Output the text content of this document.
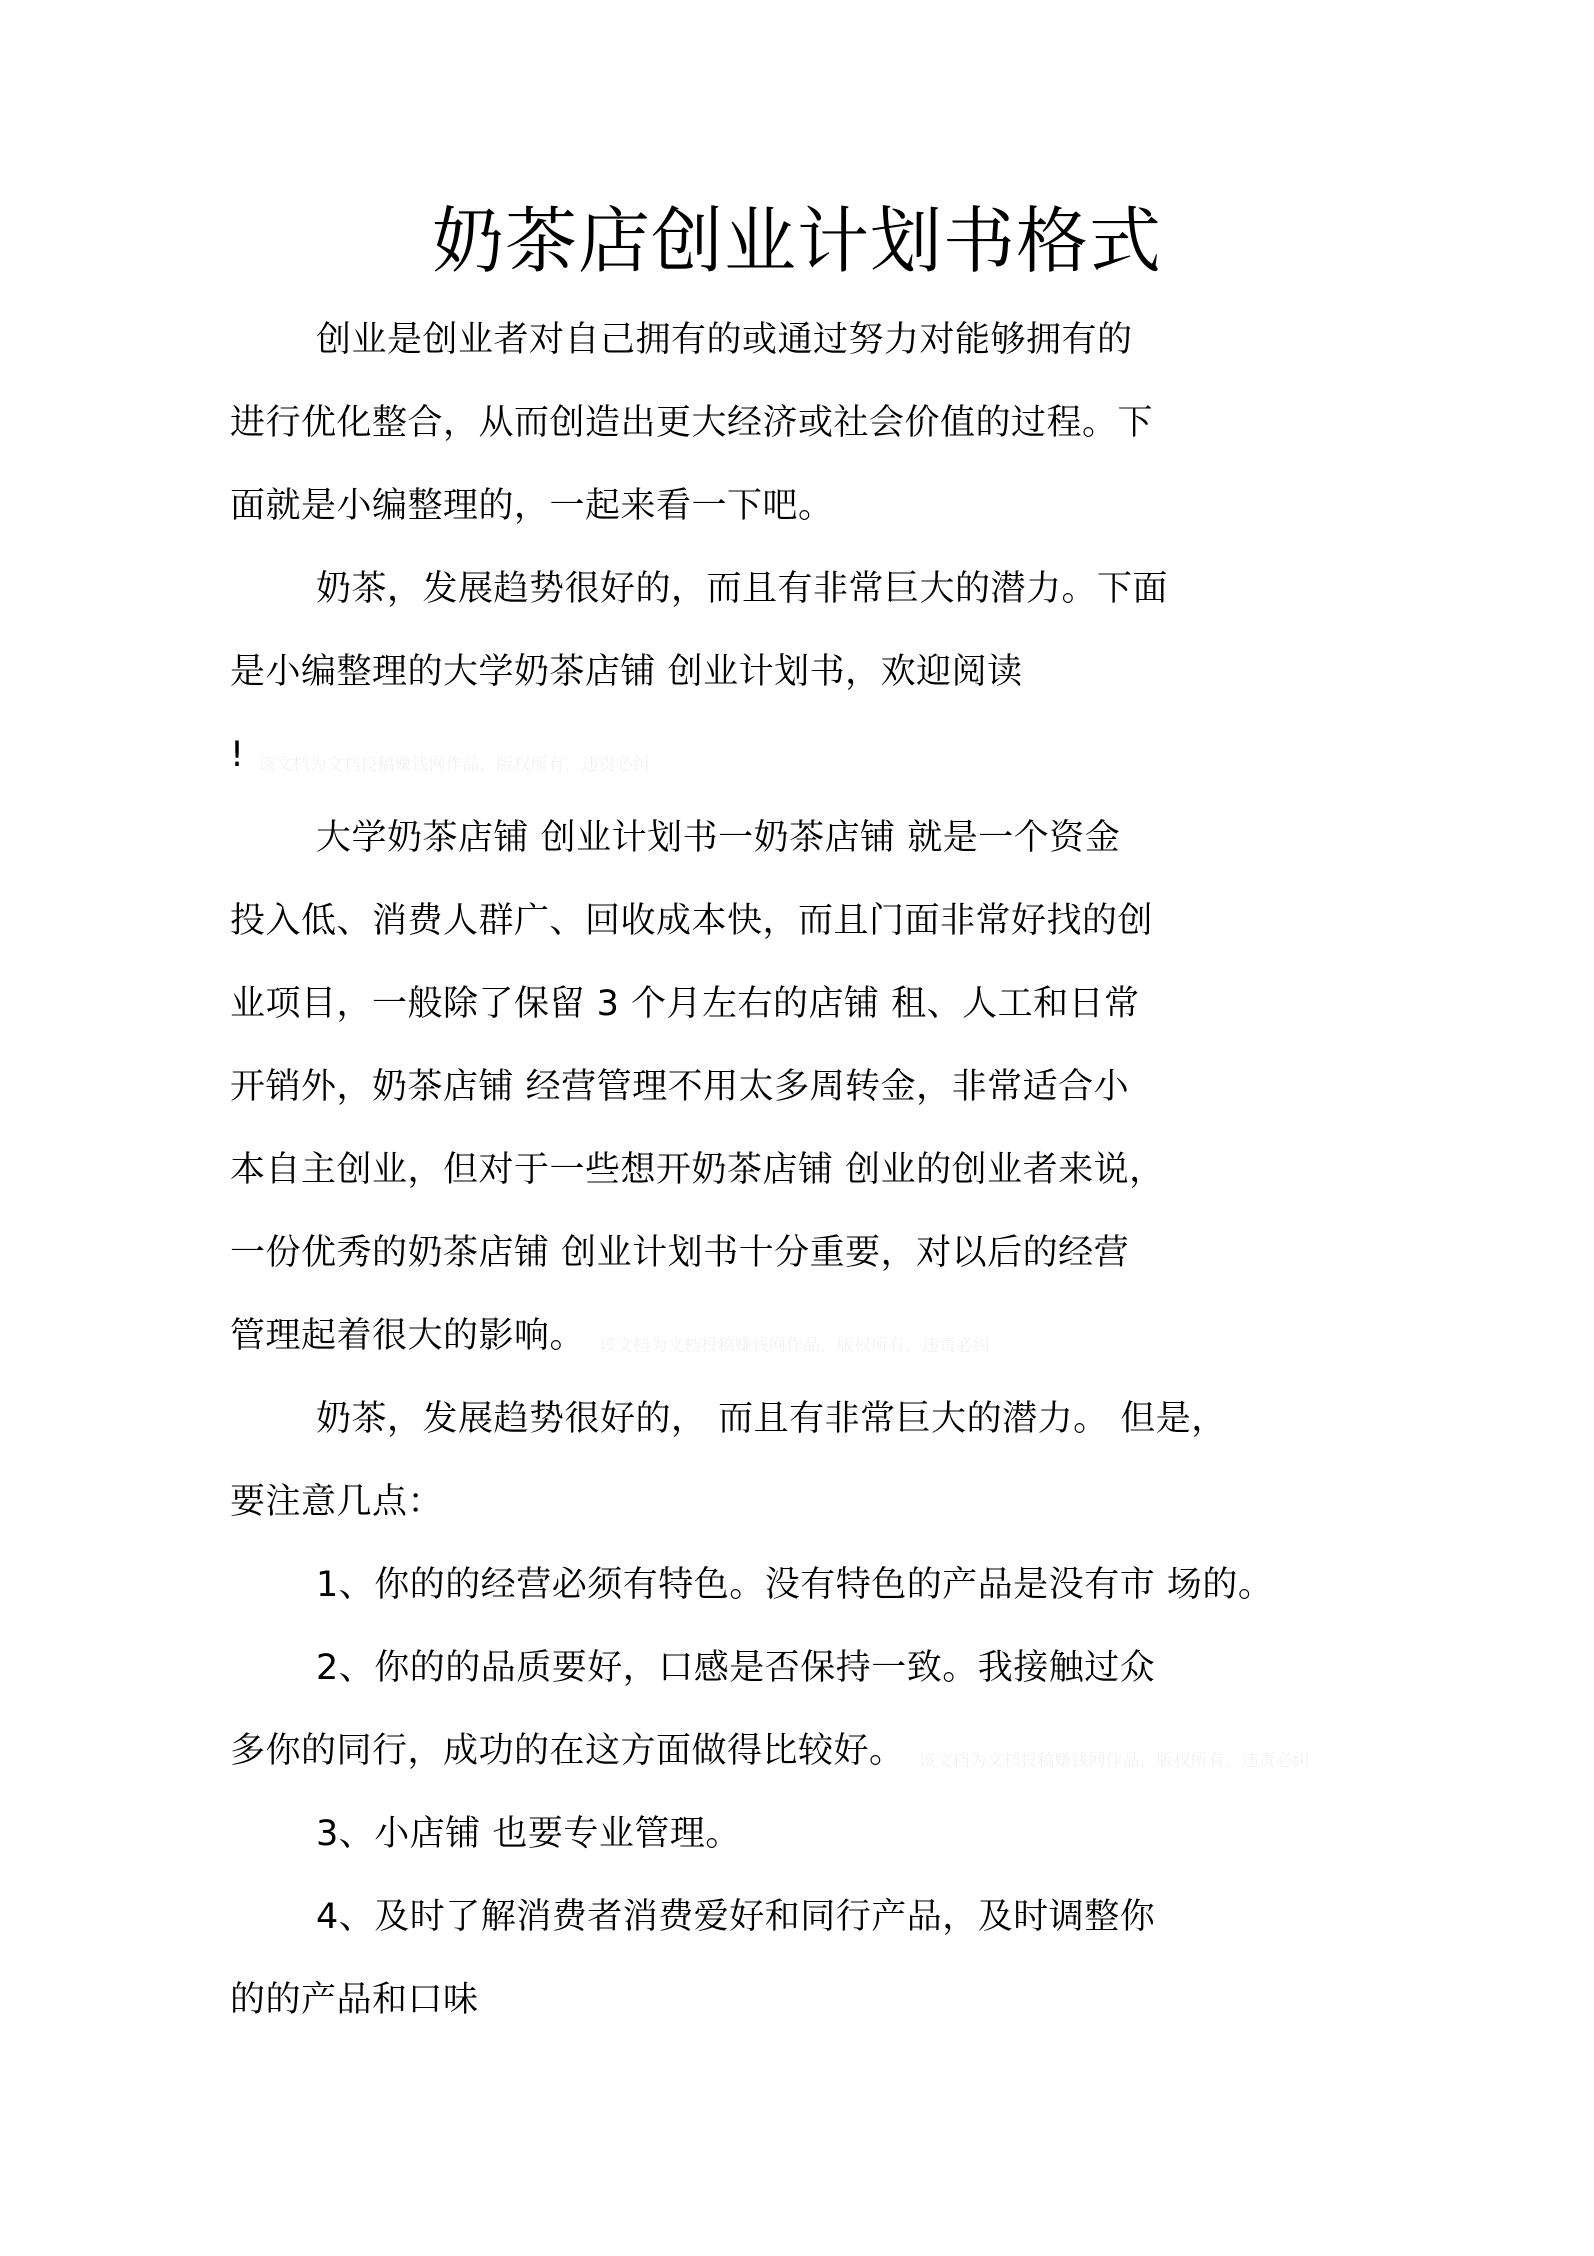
奶茶店创业计划书格式
创业是创业者对自己拥有的或通过努力对能够拥有的
进行优化整合，从而创造出更大经济或社会价值的过程。下
面就是小编整理的，一起来看一下吧。
奶茶，发展趋势很好的，而且有非常巨大的潜力。下面
是小编整理的大学奶茶店铺 创业计划书，欢迎阅读
! 该文档为文档投稿赚钱网作品，版权所有，违责必纠
大学奶茶店铺 创业计划书一奶茶店铺 就是一个资金
投入低、消费人群广、回收成本快，而且门面非常好找的创
业项目，一般除了保留 3 个月左右的店铺 租、人工和日常
开销外，奶茶店铺 经营管理不用太多周转金，非常适合小
本自主创业，但对于一些想开奶茶店铺 创业的创业者来说，
一份优秀的奶茶店铺 创业计划书十分重要，对以后的经营
管理起着很大的影响。 该文档为文档投稿赚钱网作品，版权所有，违责必纠
奶茶，发展趋势很好的， 而且有非常巨大的潜力。 但是，
要注意几点：
1、你的的经营必须有特色。没有特色的产品是没有市 场的。
2、你的的品质要好，口感是否保持一致。我接触过众
多你的同行，成功的在这方面做得比较好。 该文档为文档投稿赚钱网作品，版权所有，违责必纠
3、小店铺 也要专业管理。
4、及时了解消费者消费爱好和同行产品，及时调整你
的的产品和口味
